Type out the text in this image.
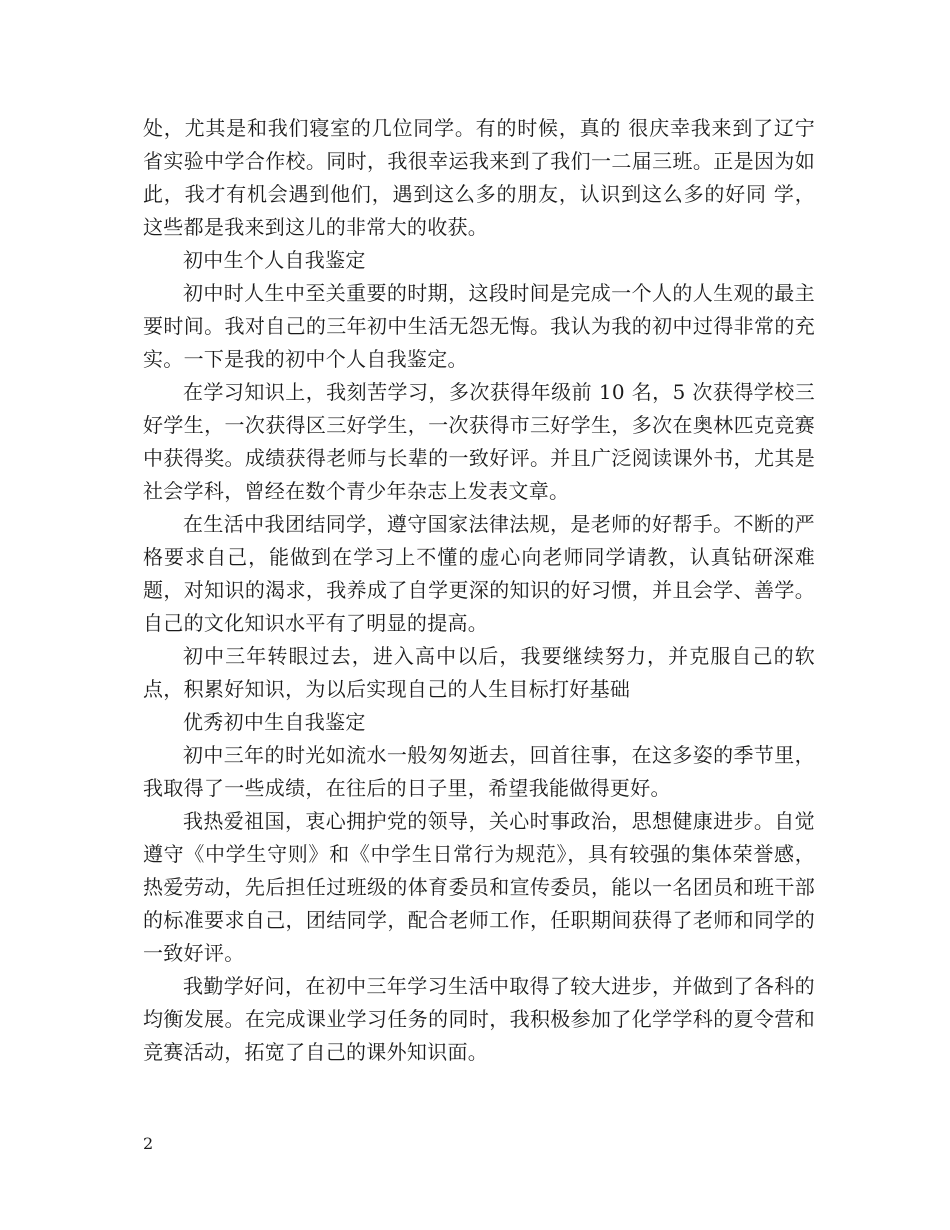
处，尤其是和我们寝室的几位同学。有的时候，真的 很庆幸我来到了辽宁省实验中学合作校。同时，我很幸运我来到了我们一二届三班。正是因为如此，我才有机会遇到他们，遇到这么多的朋友，认识到这么多的好同 学，这些都是我来到这儿的非常大的收获。

初中生个人自我鉴定

初中时人生中至关重要的时期，这段时间是完成一个人的人生观的最主要时间。我对自己的三年初中生活无怨无悔。我认为我的初中过得非常的充实。一下是我的初中个人自我鉴定。

在学习知识上，我刻苦学习，多次获得年级前 10 名，5 次获得学校三好学生，一次获得区三好学生，一次获得市三好学生，多次在奥林匹克竞赛中获得奖。成绩获得老师与长辈的一致好评。并且广泛阅读课外书，尤其是社会学科，曾经在数个青少年杂志上发表文章。

在生活中我团结同学，遵守国家法律法规，是老师的好帮手。不断的严格要求自己，能做到在学习上不懂的虚心向老师同学请教，认真钻研深难题，对知识的渴求，我养成了自学更深的知识的好习惯，并且会学、善学。自己的文化知识水平有了明显的提高。

初中三年转眼过去，进入高中以后，我要继续努力，并克服自己的软点，积累好知识，为以后实现自己的人生目标打好基础

优秀初中生自我鉴定

初中三年的时光如流水一般匆匆逝去，回首往事，在这多姿的季节里，我取得了一些成绩，在往后的日子里，希望我能做得更好。

我热爱祖国，衷心拥护党的领导，关心时事政治，思想健康进步。自觉遵守《中学生守则》和《中学生日常行为规范》，具有较强的集体荣誉感，热爱劳动，先后担任过班级的体育委员和宣传委员，能以一名团员和班干部的标准要求自己，团结同学，配合老师工作，任职期间获得了老师和同学的一致好评。

我勤学好问，在初中三年学习生活中取得了较大进步，并做到了各科的均衡发展。在完成课业学习任务的同时，我积极参加了化学学科的夏令营和竞赛活动，拓宽了自己的课外知识面。

2
